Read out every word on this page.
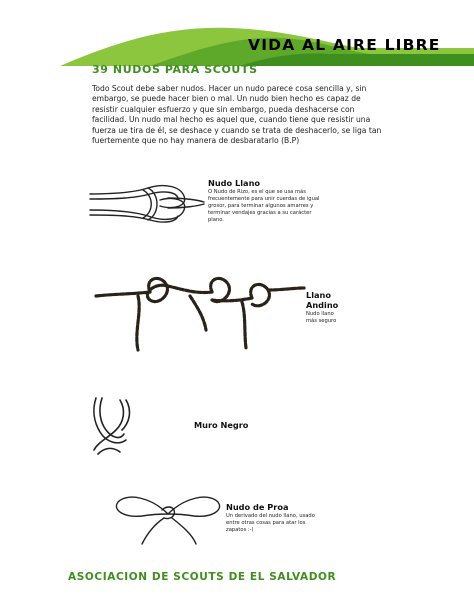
VIDA AL AIRE LIBRE
39 NUDOS PARA SCOUTS

Todo Scout debe saber nudos. Hacer un nudo parece cosa sencilla y, sin embargo, se puede hacer bien o mal. Un nudo bien hecho es capaz de resistir cualquier esfuerzo y que sin embargo, pueda deshacerse con facilidad. Un nudo mal hecho es aquel que, cuando tiene que resistir una fuerza ue tira de él, se deshace y cuando se trata de deshacerlo, se liga tan fuertemente que no hay manera de desbaratarlo (B.P)

Nudo Llano
O Nudo de Rizo, es el que se usa más frecuentemente para unir cuerdas de igual grosor, para terminar algunos amarres y terminar vendajes gracias a su carácter plano.
Llano
Andino
Nudo llano más seguro
Muro Negro
Nudo de Proa
Un derivado del nudo llano, usado entre otras cosas para atar los zapatos :-)
ASOCIACION DE SCOUTS DE EL SALVADOR
